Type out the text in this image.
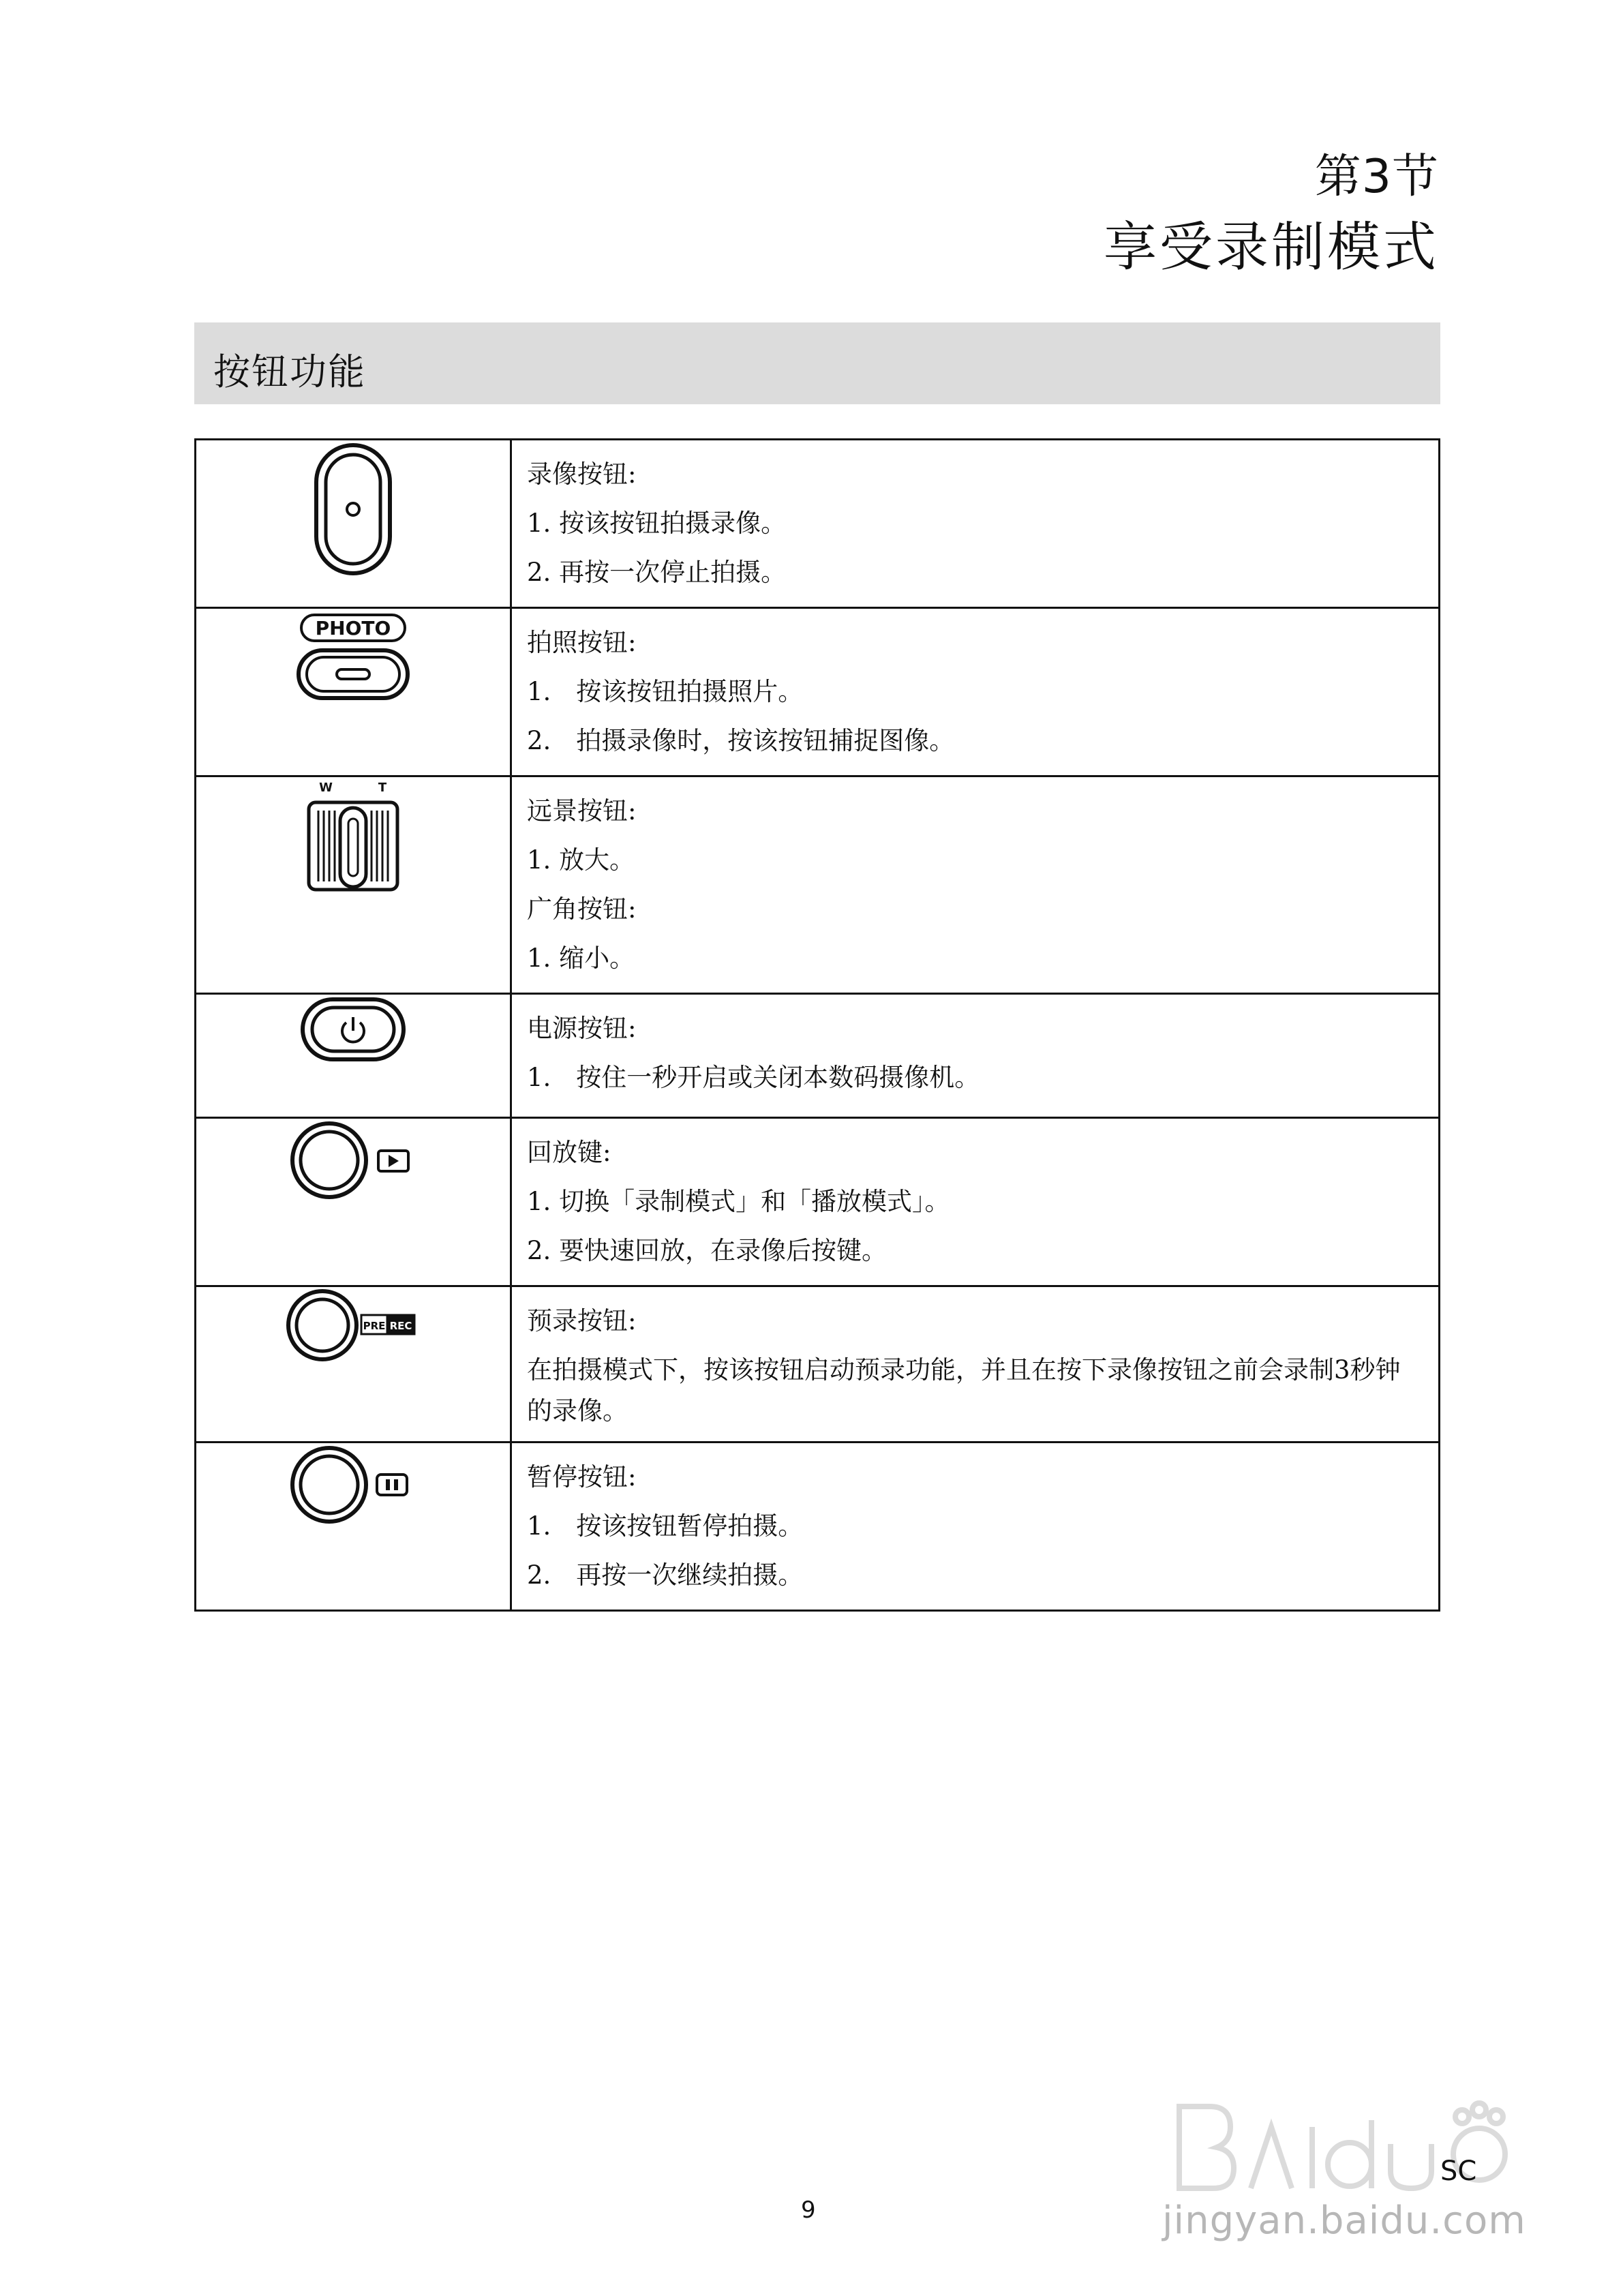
第3节
享受录制模式
按钮功能

录像按钮:
1. 按该按钮拍摄录像。
2. 再按一次停止拍摄。

PHOTO	拍照按钮:
1.　按该按钮拍摄照片。
2.　拍摄录像时，按该按钮捕捉图像。

W T	远景按钮:
1. 放大。
广角按钮:
1. 缩小。

电源按钮:
1.　按住一秒开启或关闭本数码摄像机。

回放键:
1. 切换「录制模式」和「播放模式」。
2. 要快速回放，在录像后按键。

PRE REC	预录按钮:
在拍摄模式下，按该按钮启动预录功能，并且在按下录像按钮之前会录制3秒钟的录像。

暂停按钮:
1.　按该按钮暂停拍摄。
2.　再按一次继续拍摄。
jingyan.baidu.com
SC
9
